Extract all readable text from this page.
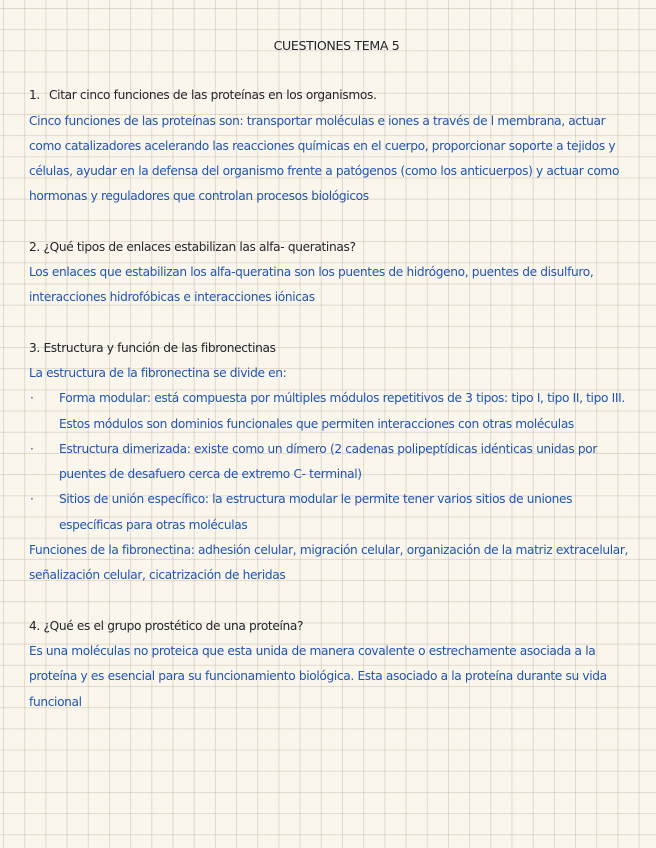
CUESTIONES TEMA 5
1. Citar cinco funciones de las proteínas en los organismos.
Cinco funciones de las proteínas son: transportar moléculas e iones a través de l membrana, actuar como catalizadores acelerando las reacciones químicas en el cuerpo, proporcionar soporte a tejidos y células, ayudar en la defensa del organismo frente a patógenos (como los anticuerpos) y actuar como hormonas y reguladores que controlan procesos biológicos
2. ¿Qué tipos de enlaces estabilizan las alfa- queratinas?
Los enlaces que estabilizan los alfa-queratina son los puentes de hidrógeno, puentes de disulfuro, interacciones hidrofóbicas e interacciones iónicas
3. Estructura y función de las fibronectinas
La estructura de la fibronectina se divide en:
· Forma modular: está compuesta por múltiples módulos repetitivos de 3 tipos: tipo I, tipo II, tipo III. Estos módulos son dominios funcionales que permiten interacciones con otras moléculas
· Estructura dimerizada: existe como un dímero (2 cadenas polipeptídicas idénticas unidas por puentes de desafuero cerca de extremo C- terminal)
· Sitios de unión específico: la estructura modular le permite tener varios sitios de uniones específicas para otras moléculas
Funciones de la fibronectina: adhesión celular, migración celular, organización de la matriz extracelular, señalización celular, cicatrización de heridas
4. ¿Qué es el grupo prostético de una proteína?
Es una moléculas no proteica que esta unida de manera covalente o estrechamente asociada a la proteína y es esencial para su funcionamiento biológica. Esta asociado a la proteína durante su vida funcional
